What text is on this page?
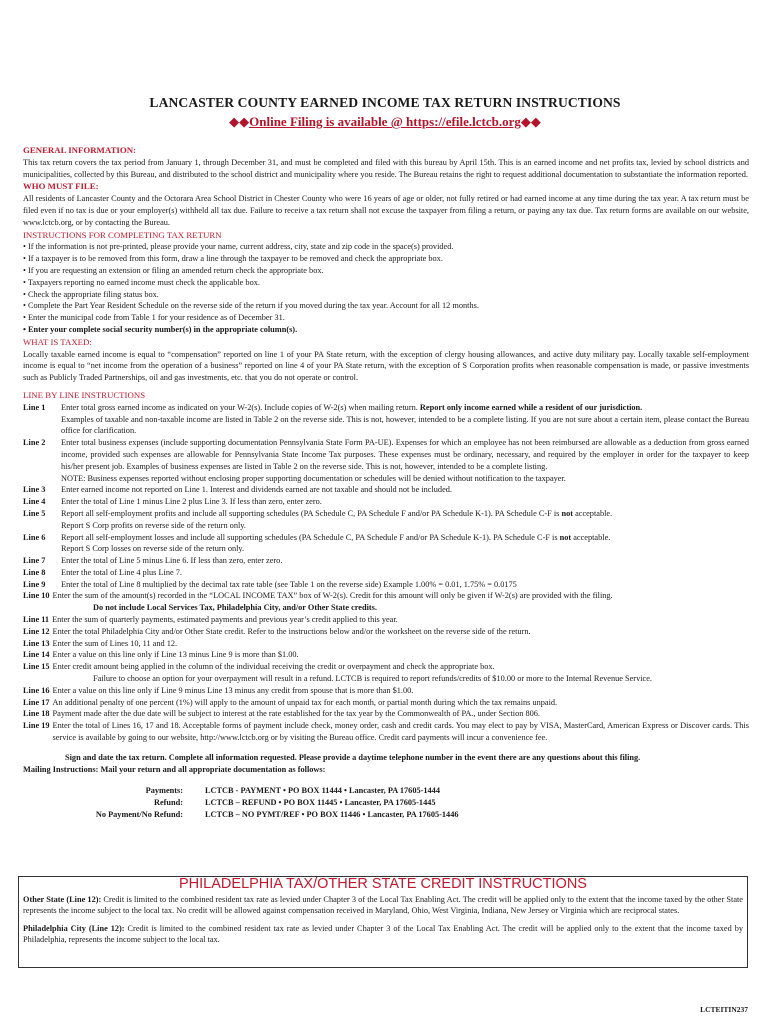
LANCASTER COUNTY EARNED INCOME TAX RETURN INSTRUCTIONS
◆◆Online Filing is available @ https://efile.lctcb.org◆◆
GENERAL INFORMATION:

This tax return covers the tax period from January 1, through December 31, and must be completed and filed with this bureau by April 15th. This is an earned income and net profits tax, levied by school districts and municipalities, collected by this Bureau, and distributed to the school district and municipality where you reside. The Bureau retains the right to request additional documentation to substantiate the information reported.

WHO MUST FILE:

All residents of Lancaster County and the Octorara Area School District in Chester County who were 16 years of age or older, not fully retired or had earned income at any time during the tax year. A tax return must be filed even if no tax is due or your employer(s) withheld all tax due. Failure to receive a tax return shall not excuse the taxpayer from filing a return, or paying any tax due. Tax return forms are available on our website, www.lctcb.org, or by contacting the Bureau.

INSTRUCTIONS FOR COMPLETING TAX RETURN
• If the information is not pre-printed, please provide your name, current address, city, state and zip code in the space(s) provided.
• If a taxpayer is to be removed from this form, draw a line through the taxpayer to be removed and check the appropriate box.
• If you are requesting an extension or filing an amended return check the appropriate box.
• Taxpayers reporting no earned income must check the applicable box.
• Check the appropriate filing status box.
• Complete the Part Year Resident Schedule on the reverse side of the return if you moved during the tax year. Account for all 12 months.
• Enter the municipal code from Table 1 for your residence as of December 31.
• Enter your complete social security number(s) in the appropriate column(s).
WHAT IS TAXED:

Locally taxable earned income is equal to “compensation” reported on line 1 of your PA State return, with the exception of clergy housing allowances, and active duty military pay. Locally taxable self-employment income is equal to “net income from the operation of a business” reported on line 4 of your PA State return, with the exception of S Corporation profits when reasonable compensation is made, or passive investments such as Publicly Traded Partnerships, oil and gas investments, etc. that you do not operate or control.

LINE BY LINE INSTRUCTIONS
Line 1	Enter total gross earned income as indicated on your W-2(s). Include copies of W-2(s) when mailing return. Report only income earned while a resident of our jurisdiction.
Examples of taxable and non-taxable income are listed in Table 2 on the reverse side. This is not, however, intended to be a complete listing. If you are not sure about a certain item, please contact the Bureau office for clarification.
Line 2	Enter total business expenses (include supporting documentation Pennsylvania State Form PA-UE). Expenses for which an employee has not been reimbursed are allowable as a deduction from gross earned income, provided such expenses are allowable for Pennsylvania State Income Tax purposes. These expenses must be ordinary, necessary, and required by the employer in order for the taxpayer to keep his/her present job. Examples of business expenses are listed in Table 2 on the reverse side. This is not, however, intended to be a complete listing.
NOTE: Business expenses reported without enclosing proper supporting documentation or schedules will be denied without notification to the taxpayer.
Line 3	Enter earned income not reported on Line 1. Interest and dividends earned are not taxable and should not be included.
Line 4	Enter the total of Line 1 minus Line 2 plus Line 3. If less than zero, enter zero.
Line 5	Report all self-employment profits and include all supporting schedules (PA Schedule C, PA Schedule F and/or PA Schedule K-1). PA Schedule C-F is not acceptable.
Report S Corp profits on reverse side of the return only.
Line 6	Report all self-employment losses and include all supporting schedules (PA Schedule C, PA Schedule F and/or PA Schedule K-1). PA Schedule C-F is not acceptable.
Report S Corp losses on reverse side of the return only.
Line 7	Enter the total of Line 5 minus Line 6. If less than zero, enter zero.
Line 8	Enter the total of Line 4 plus Line 7.
Line 9	Enter the total of Line 8 multiplied by the decimal tax rate table (see Table 1 on the reverse side) Example 1.00% = 0.01, 1.75% = 0.0175
Line 10 Enter the sum of the amount(s) recorded in the “LOCAL INCOME TAX” box of W-2(s). Credit for this amount will only be given if W-2(s) are provided with the filing.
Do not include Local Services Tax, Philadelphia City, and/or Other State credits.
Line 11 Enter the sum of quarterly payments, estimated payments and previous year’s credit applied to this year.
Line 12 Enter the total Philadelphia City and/or Other State credit. Refer to the instructions below and/or the worksheet on the reverse side of the return.
Line 13 Enter the sum of Lines 10, 11 and 12.
Line 14 Enter a value on this line only if Line 13 minus Line 9 is more than $1.00.
Line 15 Enter credit amount being applied in the column of the individual receiving the credit or overpayment and check the appropriate box.
Failure to choose an option for your overpayment will result in a refund. LCTCB is required to report refunds/credits of $10.00 or more to the Internal Revenue Service.
Line 16 Enter a value on this line only if Line 9 minus Line 13 minus any credit from spouse that is more than $1.00.
Line 17 An additional penalty of one percent (1%) will apply to the amount of unpaid tax for each month, or partial month during which the tax remains unpaid.
Line 18 Payment made after the due date will be subject to interest at the rate established for the tax year by the Commonwealth of PA., under Section 806.
Line 19 Enter the total of Lines 16, 17 and 18. Acceptable forms of payment include check, money order, cash and credit cards. You may elect to pay by VISA, MasterCard, American Express or Discover cards. This service is available by going to our website, http://www.lctcb.org or by visiting the Bureau office. Credit card payments will incur a convenience fee.
Sign and date the tax return. Complete all information requested. Please provide a daytime telephone number in the event there are any questions about this filing.
Mailing Instructions: Mail your return and all appropriate documentation as follows:
Payments:	LCTCB - PAYMENT • PO BOX 11444 • Lancaster, PA 17605-1444
Refund:	LCTCB – REFUND • PO BOX 11445 • Lancaster, PA 17605-1445
No Payment/No Refund:	LCTCB – NO PYMT/REF • PO BOX 11446 • Lancaster, PA 17605-1446
PHILADELPHIA TAX/OTHER STATE CREDIT INSTRUCTIONS

Other State (Line 12): Credit is limited to the combined resident tax rate as levied under Chapter 3 of the Local Tax Enabling Act. The credit will be applied only to the extent that the income taxed by the other State represents the income subject to the local tax. No credit will be allowed against compensation received in Maryland, Ohio, West Virginia, Indiana, New Jersey or Virginia which are reciprocal states.

Philadelphia City (Line 12): Credit is limited to the combined resident tax rate as levied under Chapter 3 of the Local Tax Enabling Act. The credit will be applied only to the extent that the income taxed by Philadelphia, represents the income subject to the local tax.

LCTEITIN237
